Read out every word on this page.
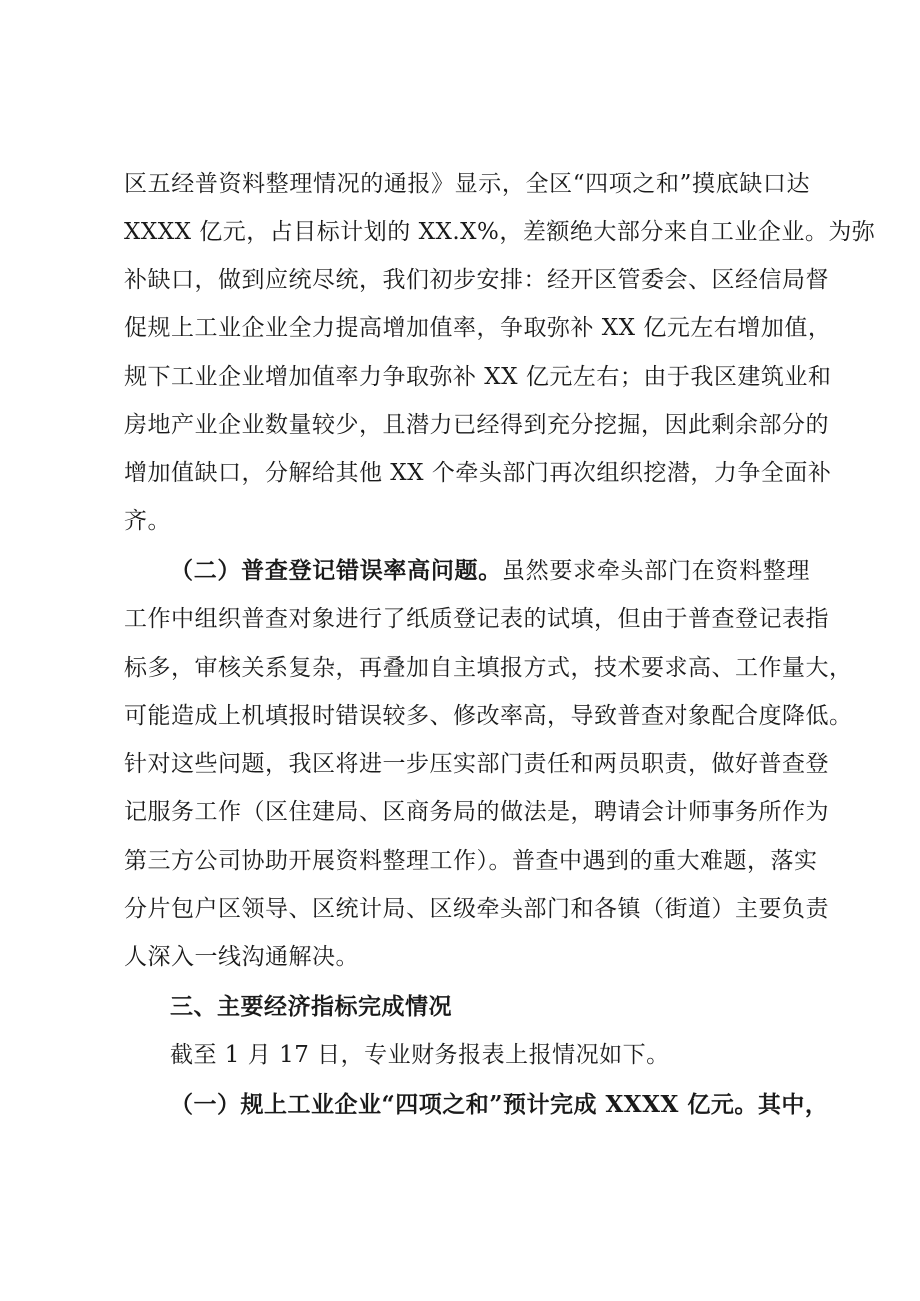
区五经普资料整理情况的通报》显示，全区“四项之和”摸底缺口达
XXXX 亿元，占目标计划的 XX.X%，差额绝大部分来自工业企业。为弥
补缺口，做到应统尽统，我们初步安排：经开区管委会、区经信局督
促规上工业企业全力提高增加值率，争取弥补 XX 亿元左右增加值，
规下工业企业增加值率力争取弥补 XX 亿元左右；由于我区建筑业和
房地产业企业数量较少，且潜力已经得到充分挖掘，因此剩余部分的
增加值缺口，分解给其他 XX 个牵头部门再次组织挖潜，力争全面补
齐。
（二）普查登记错误率高问题。虽然要求牵头部门在资料整理
工作中组织普查对象进行了纸质登记表的试填，但由于普查登记表指
标多，审核关系复杂，再叠加自主填报方式，技术要求高、工作量大，
可能造成上机填报时错误较多、修改率高，导致普查对象配合度降低。
针对这些问题，我区将进一步压实部门责任和两员职责，做好普查登
记服务工作（区住建局、区商务局的做法是，聘请会计师事务所作为
第三方公司协助开展资料整理工作）。普查中遇到的重大难题，落实
分片包户区领导、区统计局、区级牵头部门和各镇（街道）主要负责
人深入一线沟通解决。
三、主要经济指标完成情况
截至 1 月 17 日，专业财务报表上报情况如下。
（一）规上工业企业“四项之和”预计完成 XXXX 亿元。其中，
